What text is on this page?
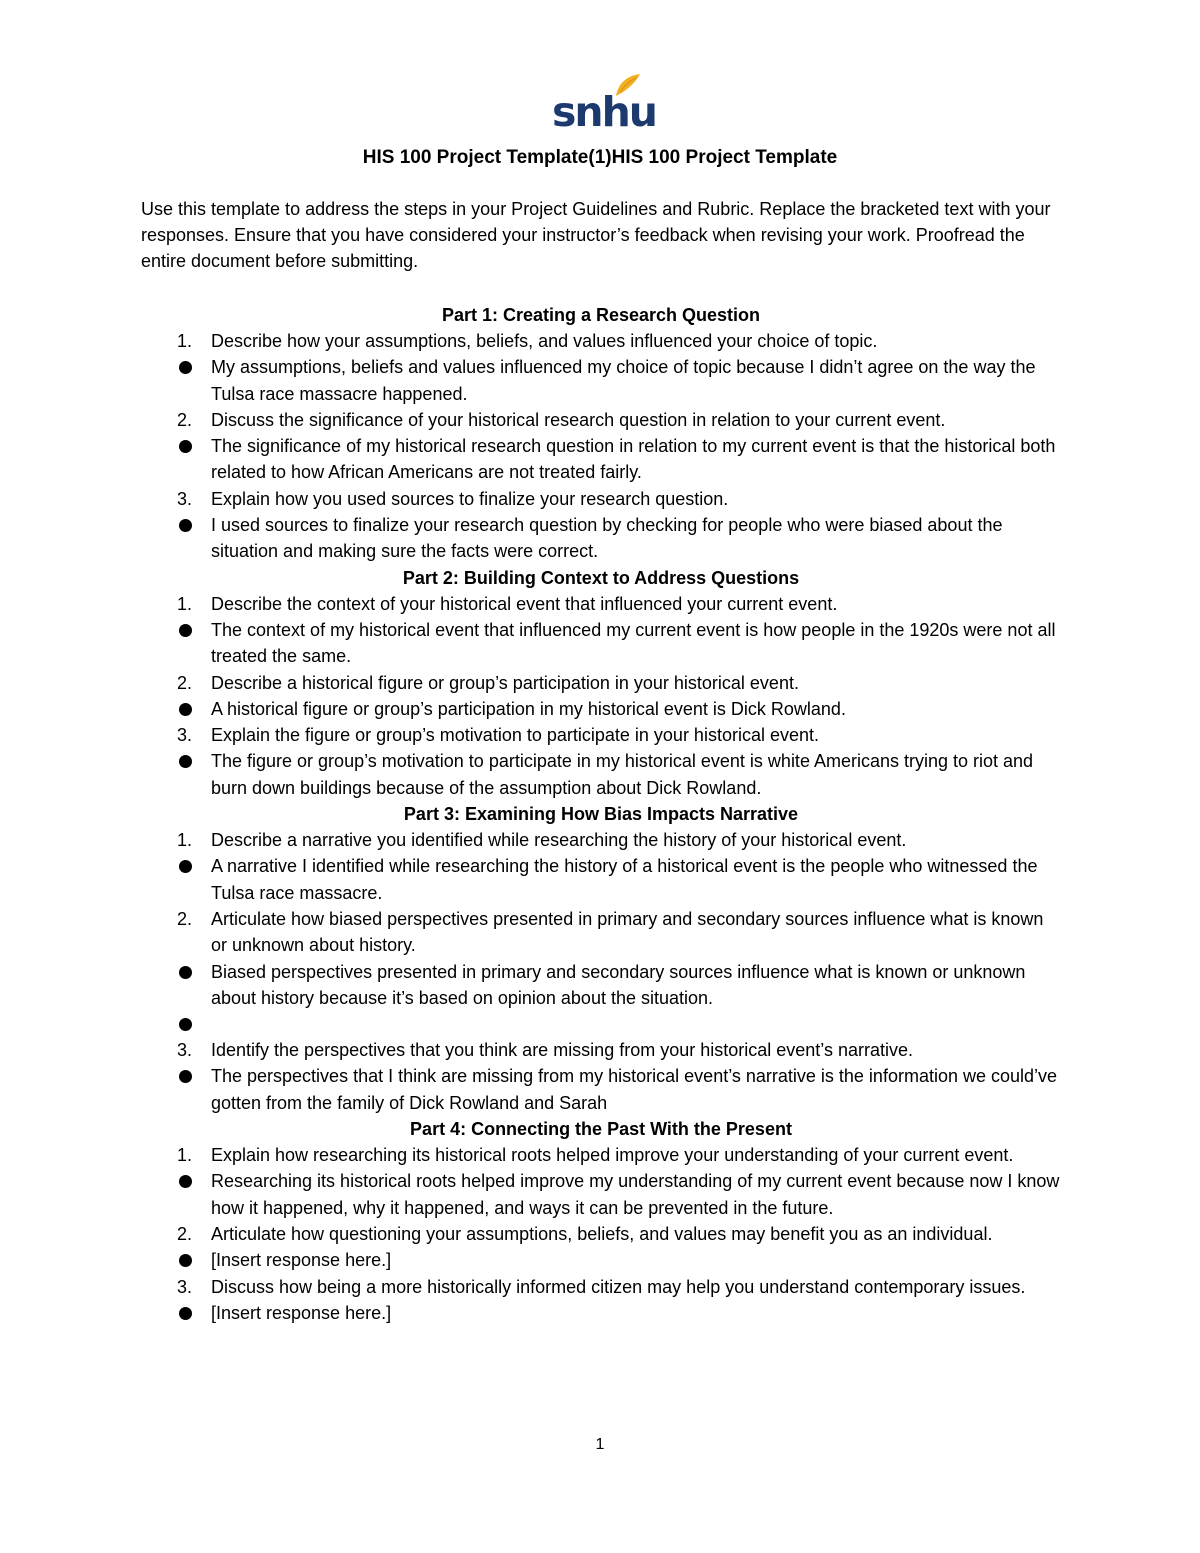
snhu
HIS 100 Project Template(1)HIS 100 Project Template

Use this template to address the steps in your Project Guidelines and Rubric. Replace the bracketed text with your responses. Ensure that you have considered your instructor’s feedback when revising your work. Proofread the entire document before submitting.

Part 1: Creating a Research Question

1.	Describe how your assumptions, beliefs, and values influenced your choice of topic.
My assumptions, beliefs and values influenced my choice of topic because I didn’t agree on the way the Tulsa race massacre happened.
2.	Discuss the significance of your historical research question in relation to your current event.
The significance of my historical research question in relation to my current event is that the historical both related to how African Americans are not treated fairly.
3.	Explain how you used sources to finalize your research question.
I used sources to finalize your research question by checking for people who were biased about the situation and making sure the facts were correct.

Part 2: Building Context to Address Questions

1.	Describe the context of your historical event that influenced your current event.
The context of my historical event that influenced my current event is how people in the 1920s were not all treated the same.
2.	Describe a historical figure or group’s participation in your historical event.
A historical figure or group’s participation in my historical event is Dick Rowland.
3.	Explain the figure or group’s motivation to participate in your historical event.
The figure or group’s motivation to participate in my historical event is white Americans trying to riot and burn down buildings because of the assumption about Dick Rowland.

Part 3: Examining How Bias Impacts Narrative

1.	Describe a narrative you identified while researching the history of your historical event.
A narrative I identified while researching the history of a historical event is the people who witnessed the Tulsa race massacre.
2.	Articulate how biased perspectives presented in primary and secondary sources influence what is known or unknown about history.
Biased perspectives presented in primary and secondary sources influence what is known or unknown about history because it’s based on opinion about the situation.
3.	Identify the perspectives that you think are missing from your historical event’s narrative.
The perspectives that I think are missing from my historical event’s narrative is the information we could’ve gotten from the family of Dick Rowland and Sarah

Part 4: Connecting the Past With the Present

1.	Explain how researching its historical roots helped improve your understanding of your current event.
Researching its historical roots helped improve my understanding of my current event because now I know how it happened, why it happened, and ways it can be prevented in the future.
2.	Articulate how questioning your assumptions, beliefs, and values may benefit you as an individual.
[Insert response here.]
3.	Discuss how being a more historically informed citizen may help you understand contemporary issues.
[Insert response here.]
1
